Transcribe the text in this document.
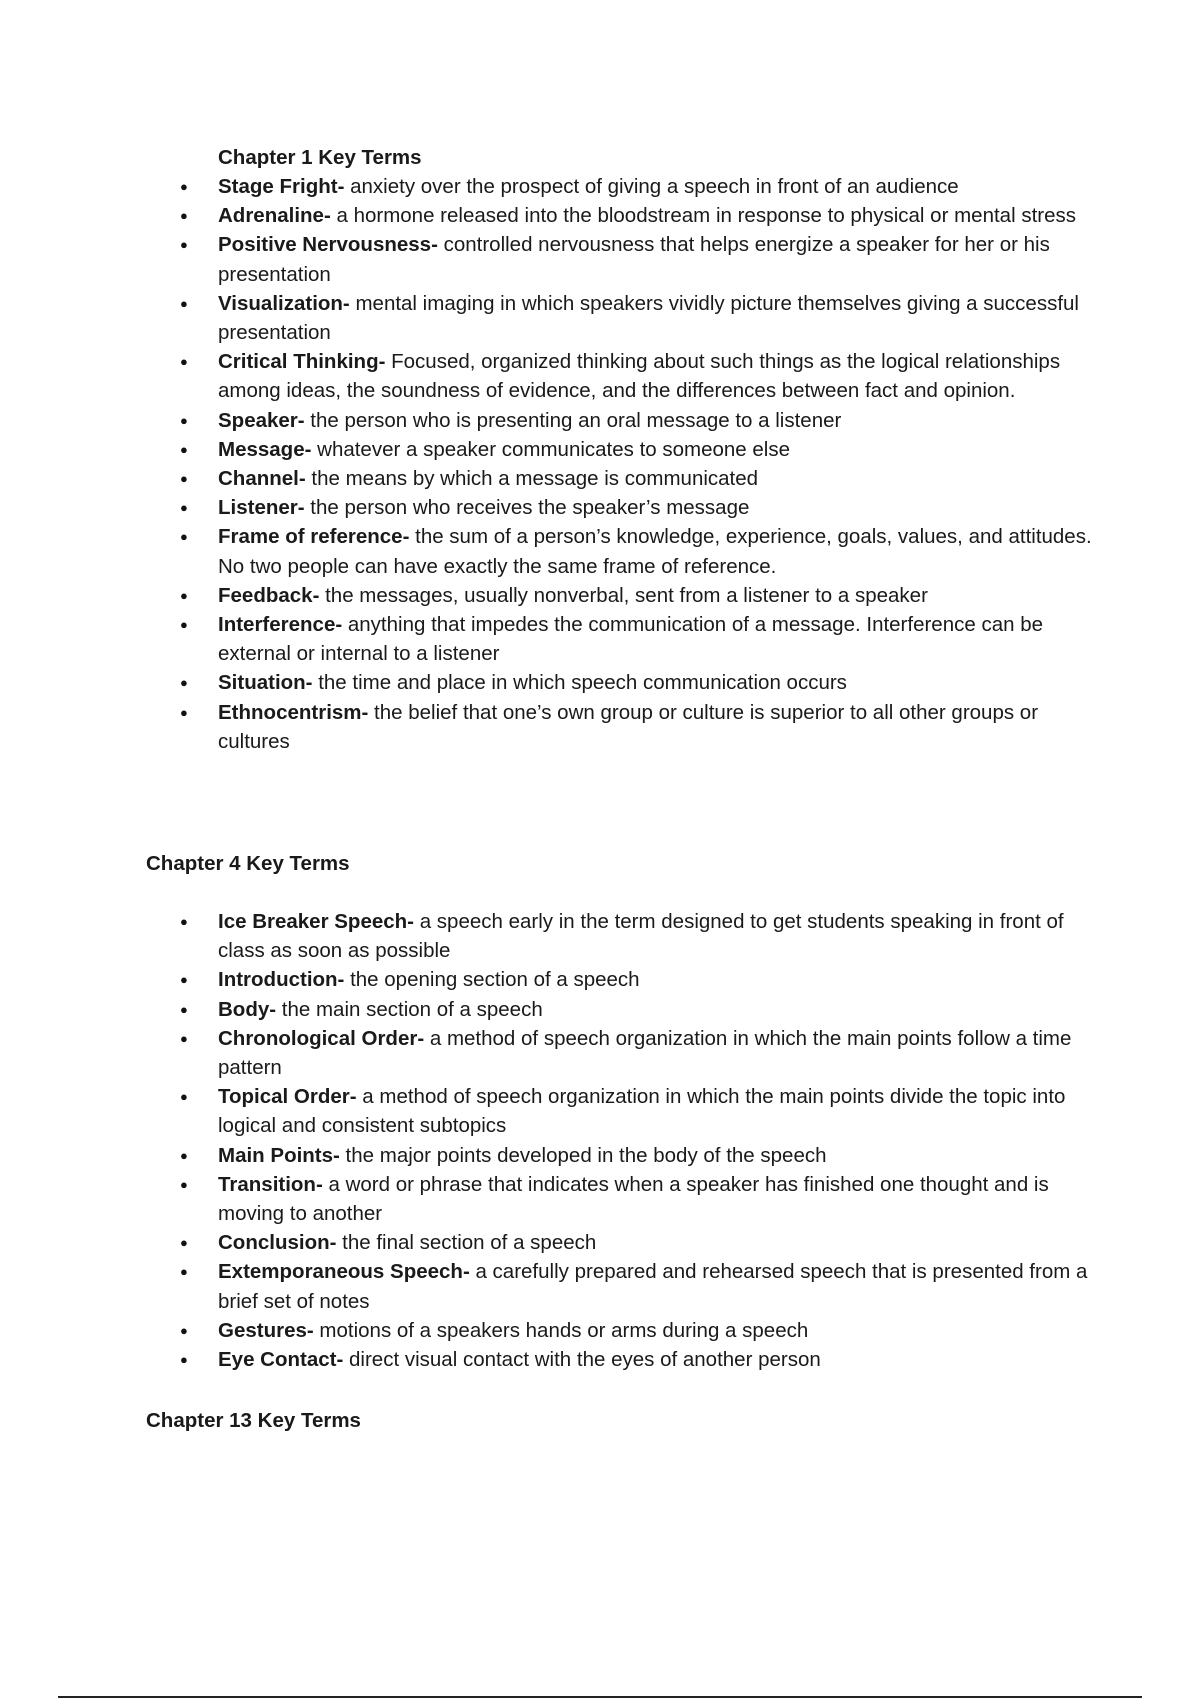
Chapter 1 Key Terms
● Stage Fright- anxiety over the prospect of giving a speech in front of an audience
● Adrenaline- a hormone released into the bloodstream in response to physical or mental stress
● Positive Nervousness- controlled nervousness that helps energize a speaker for her or his presentation
● Visualization- mental imaging in which speakers vividly picture themselves giving a successful presentation
● Critical Thinking- Focused, organized thinking about such things as the logical relationships among ideas, the soundness of evidence, and the differences between fact and opinion.
● Speaker- the person who is presenting an oral message to a listener
● Message- whatever a speaker communicates to someone else
● Channel- the means by which a message is communicated
● Listener- the person who receives the speaker’s message
● Frame of reference- the sum of a person’s knowledge, experience, goals, values, and attitudes. No two people can have exactly the same frame of reference.
● Feedback- the messages, usually nonverbal, sent from a listener to a speaker
● Interference- anything that impedes the communication of a message. Interference can be external or internal to a listener
● Situation- the time and place in which speech communication occurs
● Ethnocentrism- the belief that one’s own group or culture is superior to all other groups or cultures
Chapter 4 Key Terms
● Ice Breaker Speech- a speech early in the term designed to get students speaking in front of class as soon as possible
● Introduction- the opening section of a speech
● Body- the main section of a speech
● Chronological Order- a method of speech organization in which the main points follow a time pattern
● Topical Order- a method of speech organization in which the main points divide the topic into logical and consistent subtopics
● Main Points- the major points developed in the body of the speech
● Transition- a word or phrase that indicates when a speaker has finished one thought and is moving to another
● Conclusion- the final section of a speech
● Extemporaneous Speech- a carefully prepared and rehearsed speech that is presented from a brief set of notes
● Gestures- motions of a speakers hands or arms during a speech
● Eye Contact- direct visual contact with the eyes of another person
Chapter 13 Key Terms
